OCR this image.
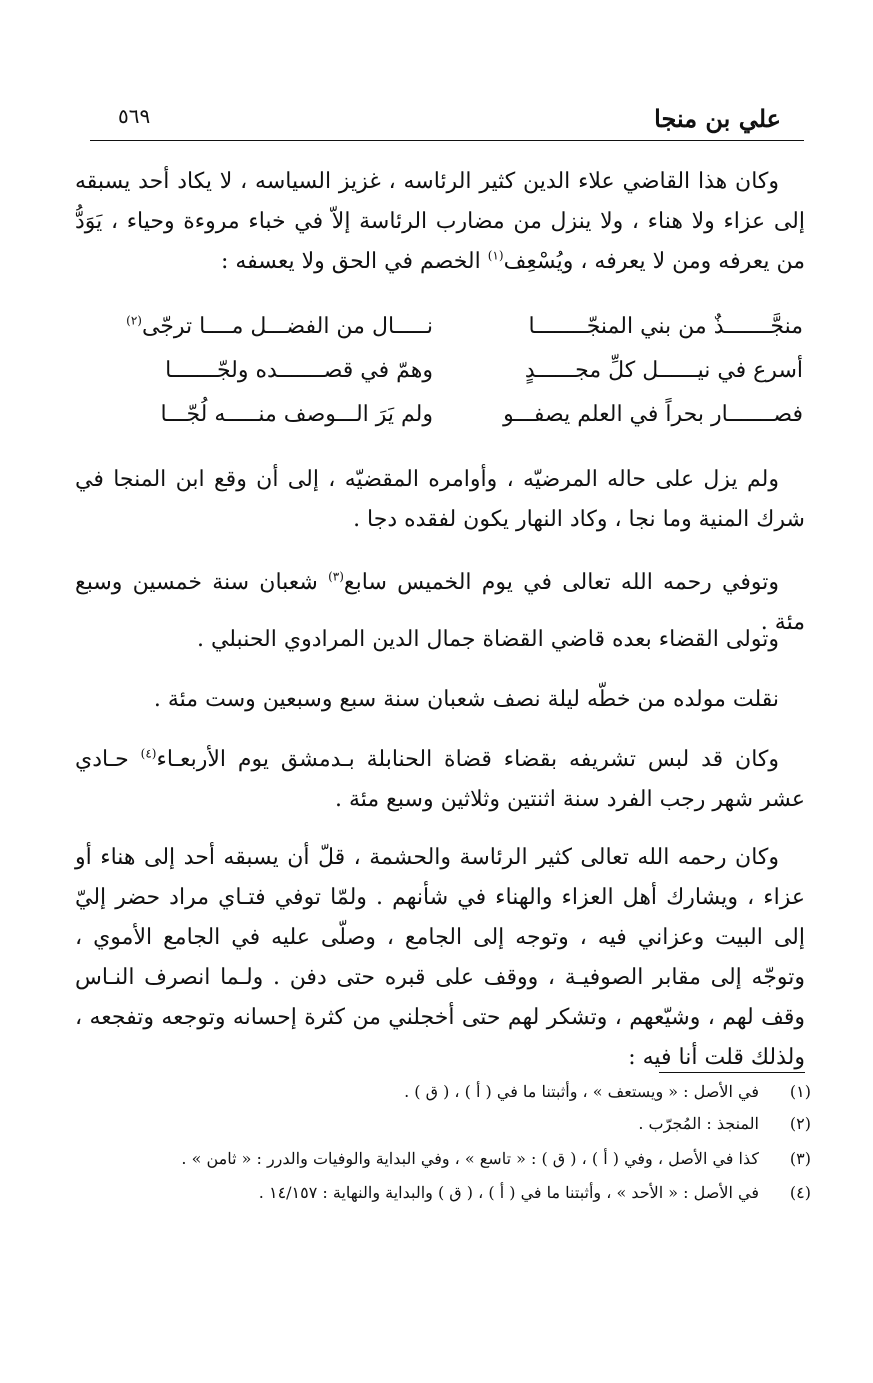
علي بن منجا
٥٦٩

وكان هذا القاضي علاء الدين كثير الرئاسه ، غزيز السياسه ، لا يكاد أحد يسبقه إلى عزاء ولا هناء ، ولا ينزل من مضارب الرئاسة إلاّ في خباء مروءة وحياء ، يَوَدُّ من يعرفه ومن لا يعرفه ، ويُسْعِف$^{(١)}$ الخصم في الحق ولا يعسفه :

منجَّـــــــذٌ من بني المنجّــــــــا
نـــــال من الفضـــل مــــا ترجّى$^{(٢)}$
أسرع في نيــــــل كلِّ مجــــــدٍ
وهمّ في قصـــــــده ولجّـــــــا
فصـــــــار بحراً في العلم يصفـــو
ولم يَرَ الـــوصف منـــــه لُجّـــا

ولم يزل على حاله المرضيّه ، وأوامره المقضيّه ، إلى أن وقع ابن المنجا في شرك المنية وما نجا ، وكاد النهار يكون لفقده دجا .

وتوفي رحمه الله تعالى في يوم الخميس سابع$^{(٣)}$ شعبان سنة خمسين وسبع مئة .

وتولى القضاء بعده قاضي القضاة جمال الدين المرادوي الحنبلي .

نقلت مولده من خطّه ليلة نصف شعبان سنة سبع وسبعين وست مئة .

وكان قد لبس تشريفه بقضاء قضاة الحنابلة بـدمشق يوم الأربعـاء$^{(٤)}$ حـادي عشر شهر رجب الفرد سنة اثنتين وثلاثين وسبع مئة .

وكان رحمه الله تعالى كثير الرئاسة والحشمة ، قلّ أن يسبقه أحد إلى هناء أو عزاء ، ويشارك أهل العزاء والهناء في شأنهم . ولمّا توفي فتـاي مراد حضر إليّ إلى البيت وعزاني فيه ، وتوجه إلى الجامع ، وصلّى عليه في الجامع الأموي ، وتوجّه إلى مقابر الصوفيـة ، ووقف على قبره حتى دفن . ولـما انصرف النـاس وقف لهم ، وشيّعهم ، وتشكر لهم حتى أخجلني من كثرة إحسانه وتوجعه وتفجعه ، ولذلك قلت أنا فيه :

(١)
في الأصل : « ويستعف » ، وأثبتنا ما في ( أ ) ، ( ق ) .
(٢)
المنجذ : المُجرّب .
(٣)
كذا في الأصل ، وفي ( أ ) ، ( ق ) : « تاسع » ، وفي البداية والوفيات والدرر : « ثامن » .
(٤)
في الأصل : « الأحد » ، وأثبتنا ما في ( أ ) ، ( ق ) والبداية والنهاية : ١٤/١٥٧ .
